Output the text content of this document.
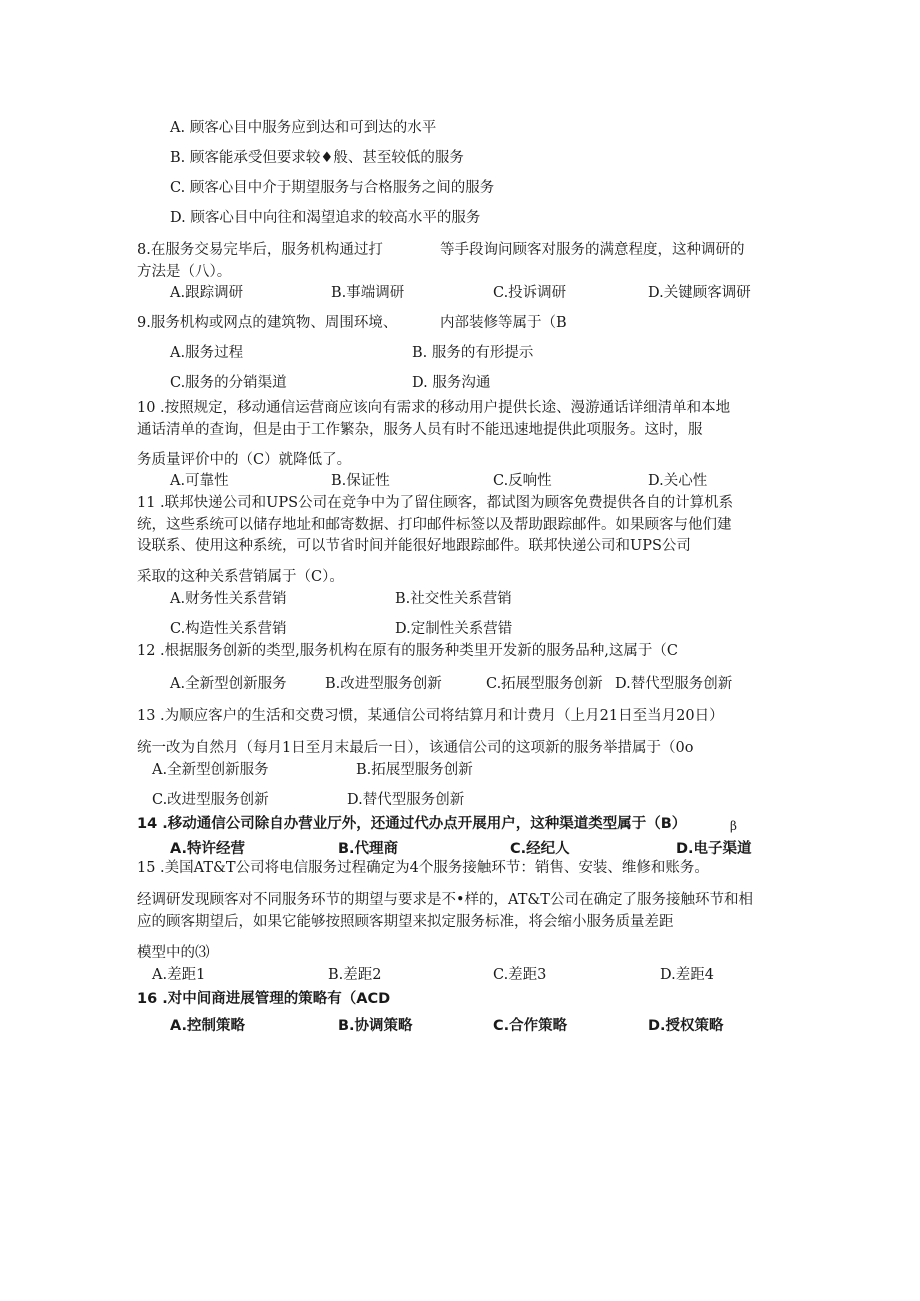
A. 顾客心目中服务应到达和可到达的水平
B. 顾客能承受但要求较♦般、甚至较低的服务
C. 顾客心目中介于期望服务与合格服务之间的服务
D. 顾客心目中向往和渴望追求的较高水平的服务
8.在服务交易完毕后，服务机构通过打	等手段询问顾客对服务的满意程度，这种调研的
方法是（八）。
A.跟踪调研	B.事端调研	C.投诉调研	D.关键顾客调研
9.服务机构或网点的建筑物、周围环境、	内部装修等属于（B
A.服务过程	B. 服务的有形提示
C.服务的分销渠道	D. 服务沟通
10 .按照规定，移动通信运营商应该向有需求的移动用户提供长途、漫游通话详细清单和本地
通话清单的查询，但是由于工作繁杂，服务人员有时不能迅速地提供此项服务。这时，服
务质量评价中的（C）就降低了。
A.可靠性	B.保证性	C.反响性	D.关心性
11 .联邦快递公司和UPS公司在竞争中为了留住顾客，都试图为顾客免费提供各自的计算机系
统，这些系统可以储存地址和邮寄数据、打印邮件标签以及帮助跟踪邮件。如果顾客与他们建
设联系、使用这种系统，可以节省时间并能很好地跟踪邮件。联邦快递公司和UPS公司
采取的这种关系营销属于（C）。
A.财务性关系营销	B.社交性关系营销
C.构造性关系营销	D.定制性关系营错
12 .根据服务创新的类型,服务机构在原有的服务种类里开发新的服务品种,这属于（C
A.全新型创新服务	B.改进型服务创新	C.拓展型服务创新 D.替代型服务创新
13 .为顺应客户的生活和交费习惯，某通信公司将结算月和计费月（上月21日至当月20日）
统一改为自然月（每月1日至月末最后一日），该通信公司的这项新的服务举措属于（0o
A.全新型创新服务	B.拓展型服务创新
C.改进型服务创新	D.替代型服务创新
14 .移动通信公司除自办营业厅外，还通过代办点开展用户，这种渠道类型属于（B）	β
A.特许经营	B.代理商	C.经纪人	D.电子渠道
15 .美国AT&T公司将电信服务过程确定为4个服务接触环节：销售、安装、维修和账务。
经调研发现顾客对不同服务环节的期望与要求是不•样的，AT&T公司在确定了服务接触环节和相
应的顾客期望后，如果它能够按照顾客期望来拟定服务标准，将会缩小服务质量差距
模型中的⑶
A.差距1	B.差距2	C.差距3	D.差距4
16 .对中间商进展管理的策略有（ACD
A.控制策略	B.协调策略	C.合作策略	D.授权策略
